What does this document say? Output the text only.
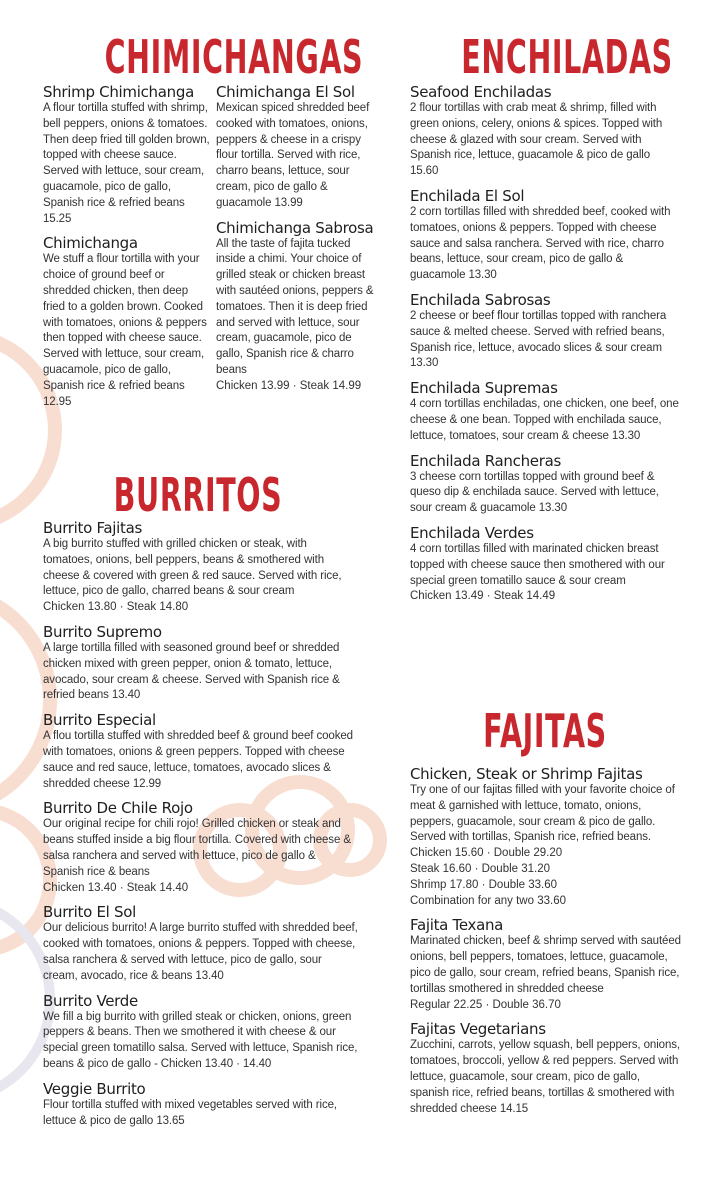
CHIMICHANGAS

Shrimp Chimichanga

A flour tortilla stuffed with shrimp, bell peppers, onions & tomatoes. Then deep fried till golden brown, topped with cheese sauce. Served with lettuce, sour cream, guacamole, pico de gallo, Spanish rice & refried beans 15.25

Chimichanga

We stuff a flour tortilla with your choice of ground beef or shredded chicken, then deep fried to a golden brown. Cooked with tomatoes, onions & peppers then topped with cheese sauce. Served with lettuce, sour cream, guacamole, pico de gallo, Spanish rice & refried beans 12.95

Chimichanga El Sol

Mexican spiced shredded beef cooked with tomatoes, onions, peppers & cheese in a crispy flour tortilla. Served with rice, charro beans, lettuce, sour cream, pico de gallo & guacamole 13.99

Chimichanga Sabrosa

All the taste of fajita tucked inside a chimi. Your choice of grilled steak or chicken breast with sautéed onions, peppers & tomatoes. Then it is deep fried and served with lettuce, sour cream, guacamole, pico de gallo, Spanish rice & charro beans

Chicken 13.99 · Steak 14.99

BURRITOS

Burrito Fajitas

A big burrito stuffed with grilled chicken or steak, with tomatoes, onions, bell peppers, beans & smothered with cheese & covered with green & red sauce. Served with rice, lettuce, pico de gallo, charred beans & sour cream

Chicken 13.80 · Steak 14.80

Burrito Supremo

A large tortilla filled with seasoned ground beef or shredded chicken mixed with green pepper, onion & tomato, lettuce, avocado, sour cream & cheese. Served with Spanish rice & refried beans 13.40

Burrito Especial

A flou tortilla stuffed with shredded beef & ground beef cooked with tomatoes, onions & green peppers. Topped with cheese sauce and red sauce, lettuce, tomatoes, avocado slices & shredded cheese 12.99

Burrito De Chile Rojo

Our original recipe for chili rojo! Grilled chicken or steak and beans stuffed inside a big flour tortilla. Covered with cheese & salsa ranchera and served with lettuce, pico de gallo & Spanish rice & beans

Chicken 13.40 · Steak 14.40

Burrito El Sol

Our delicious burrito! A large burrito stuffed with shredded beef, cooked with tomatoes, onions & peppers. Topped with cheese, salsa ranchera & served with lettuce, pico de gallo, sour cream, avocado, rice & beans 13.40

Burrito Verde

We fill a big burrito with grilled steak or chicken, onions, green peppers & beans. Then we smothered it with cheese & our special green tomatillo salsa. Served with lettuce, Spanish rice, beans & pico de gallo - Chicken 13.40 · 14.40

Veggie Burrito

Flour tortilla stuffed with mixed vegetables served with rice, lettuce & pico de gallo 13.65

ENCHILADAS

Seafood Enchiladas

2 flour tortillas with crab meat & shrimp, filled with green onions, celery, onions & spices. Topped with cheese & glazed with sour cream. Served with Spanish rice, lettuce, guacamole & pico de gallo 15.60

Enchilada El Sol

2 corn tortillas filled with shredded beef, cooked with tomatoes, onions & peppers. Topped with cheese sauce and salsa ranchera. Served with rice, charro beans, lettuce, sour cream, pico de gallo & guacamole 13.30

Enchilada Sabrosas

2 cheese or beef flour tortillas topped with ranchera sauce & melted cheese. Served with refried beans, Spanish rice, lettuce, avocado slices & sour cream 13.30

Enchilada Supremas

4 corn tortillas enchiladas, one chicken, one beef, one cheese & one bean. Topped with enchilada sauce, lettuce, tomatoes, sour cream & cheese 13.30

Enchilada Rancheras

3 cheese corn tortillas topped with ground beef & queso dip & enchilada sauce. Served with lettuce, sour cream & guacamole 13.30

Enchilada Verdes

4 corn tortillas filled with marinated chicken breast topped with cheese sauce then smothered with our special green tomatillo sauce & sour cream

Chicken 13.49 · Steak 14.49

FAJITAS

Chicken, Steak or Shrimp Fajitas

Try one of our fajitas filled with your favorite choice of meat & garnished with lettuce, tomato, onions, peppers, guacamole, sour cream & pico de gallo. Served with tortillas, Spanish rice, refried beans.

Chicken 15.60 · Double 29.20

Steak 16.60 · Double 31.20

Shrimp 17.80 · Double 33.60

Combination for any two 33.60

Fajita Texana

Marinated chicken, beef & shrimp served with sautéed onions, bell peppers, tomatoes, lettuce, guacamole, pico de gallo, sour cream, refried beans, Spanish rice, tortillas smothered in shredded cheese

Regular 22.25 · Double 36.70

Fajitas Vegetarians

Zucchini, carrots, yellow squash, bell peppers, onions, tomatoes, broccoli, yellow & red peppers. Served with lettuce, guacamole, sour cream, pico de gallo, spanish rice, refried beans, tortillas & smothered with shredded cheese 14.15
